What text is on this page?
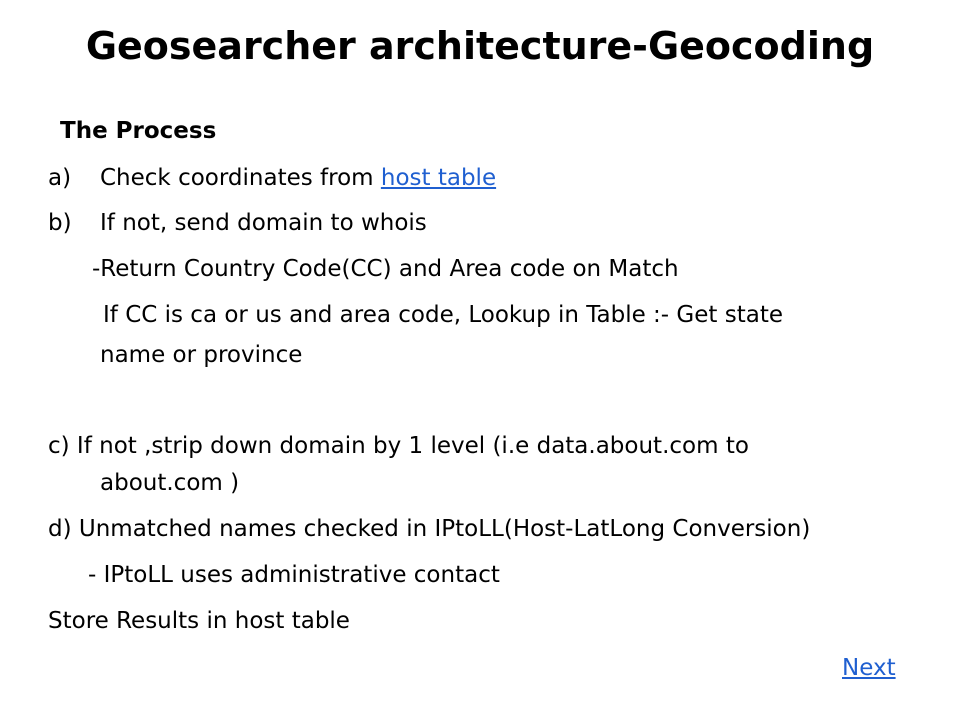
Geosearcher architecture-Geocoding
The Process
a) Check coordinates from host table
b) If not, send domain to whois
-Return Country Code(CC) and Area code on Match
If CC is ca or us and area code, Lookup in Table :- Get state
name or province
c) If not ,strip down domain by 1 level (i.e data.about.com to
about.com )
d) Unmatched names checked in IPtoLL(Host-LatLong Conversion)
- IPtoLL uses administrative contact
Store Results in host table
Next
